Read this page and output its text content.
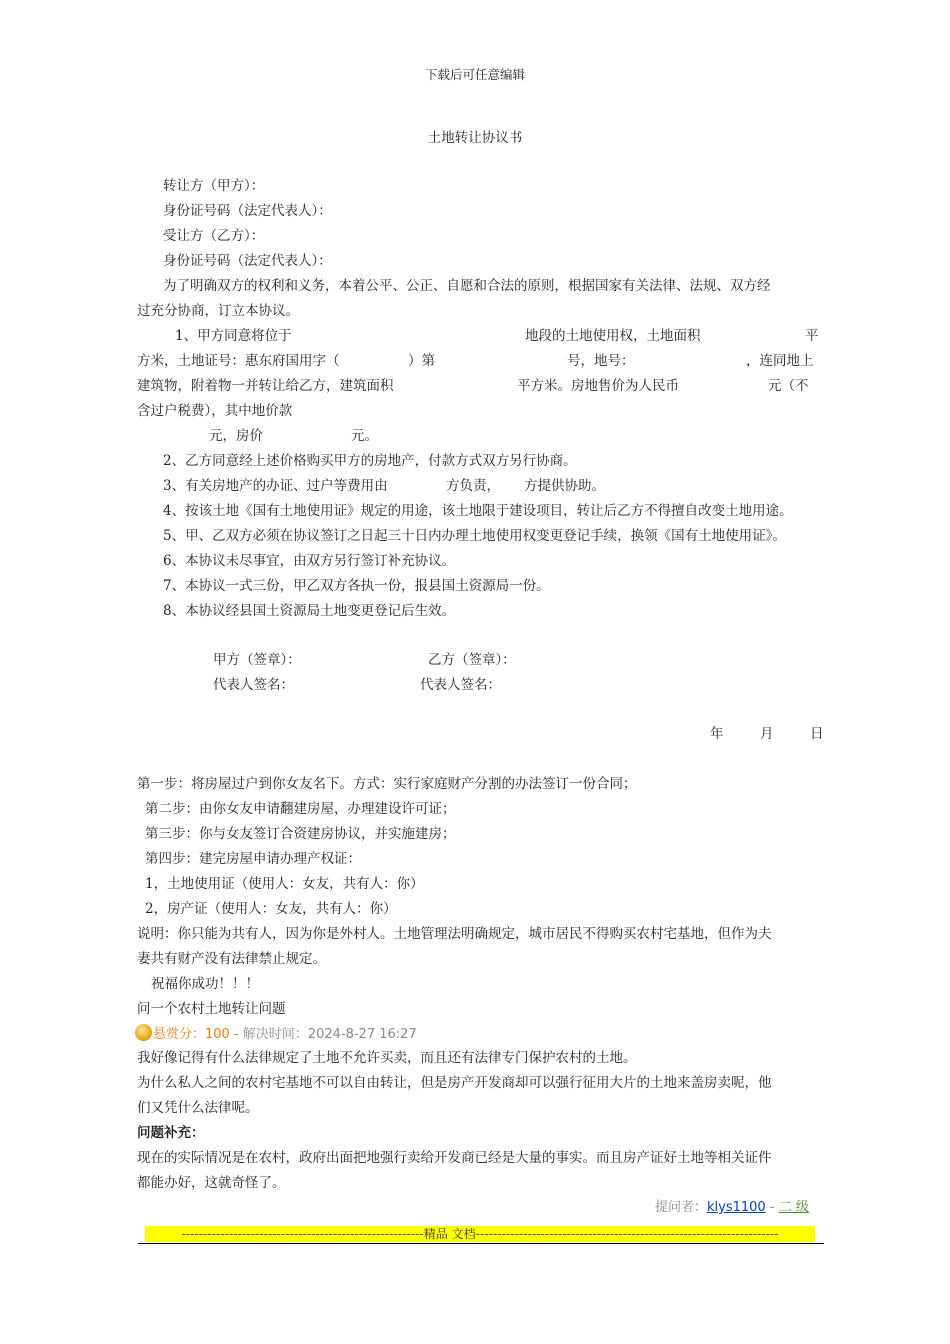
下载后可任意编辑
土地转让协议书
转让方（甲方）：
身份证号码（法定代表人）：
受让方（乙方）：
身份证号码（法定代表人）：
为了明确双方的权利和义务，本着公平、公正、自愿和合法的原则，根据国家有关法律、法规、双方经
过充分协商，订立本协议。
1、甲方同意将位于	地段的土地使用权，土地面积	平
方米，土地证号：惠东府国用字（	）第	号，地号：	，连同地上
建筑物，附着物一并转让给乙方，建筑面积	平方米。房地售价为人民币	元（不
含过户税费），其中地价款
元，房价	元。
2、乙方同意经上述价格购买甲方的房地产，付款方式双方另行协商。
3、有关房地产的办证、过户等费用由	方负责， 方提供协助。
4、按该土地《国有土地使用证》规定的用途，该土地限于建设项目，转让后乙方不得擅自改变土地用途。
5、甲、乙双方必须在协议签订之日起三十日内办理土地使用权变更登记手续，换领《国有土地使用证》。
6、本协议未尽事宜，由双方另行签订补充协议。
7、本协议一式三份，甲乙双方各执一份，报县国土资源局一份。
8、本协议经县国土资源局土地变更登记后生效。
甲方（签章）：	乙方（签章）：
代表人签名：	代表人签名：
年	月	日
第一步：将房屋过户到你女友名下。方式：实行家庭财产分割的办法签订一份合同；
第二步：由你女友申请翻建房屋，办理建设许可证；
第三步：你与女友签订合资建房协议，并实施建房；
第四步：建完房屋申请办理产权证：
1，土地使用证（使用人：女友，共有人：你）
2，房产证（使用人：女友，共有人：你）
说明：你只能为共有人，因为你是外村人。土地管理法明确规定，城市居民不得购买农村宅基地，但作为夫
妻共有财产没有法律禁止规定。
祝福你成功！！！
问一个农村土地转让问题
悬赏分：100 - 解决时间：2024-8-27 16:27
我好像记得有什么法律规定了土地不允许买卖，而且还有法律专门保护农村的土地。
为什么私人之间的农村宅基地不可以自由转让，但是房产开发商却可以强行征用大片的土地来盖房卖呢，他
们又凭什么法律呢。
问题补充：
现在的实际情况是在农村，政府出面把地强行卖给开发商已经是大量的事实。而且房产证好土地等相关证件
都能办好，这就奇怪了。
提问者：klys1100 - 二 级
--------------------------------------------------------精品 文档----------------------------------------------------------------------
